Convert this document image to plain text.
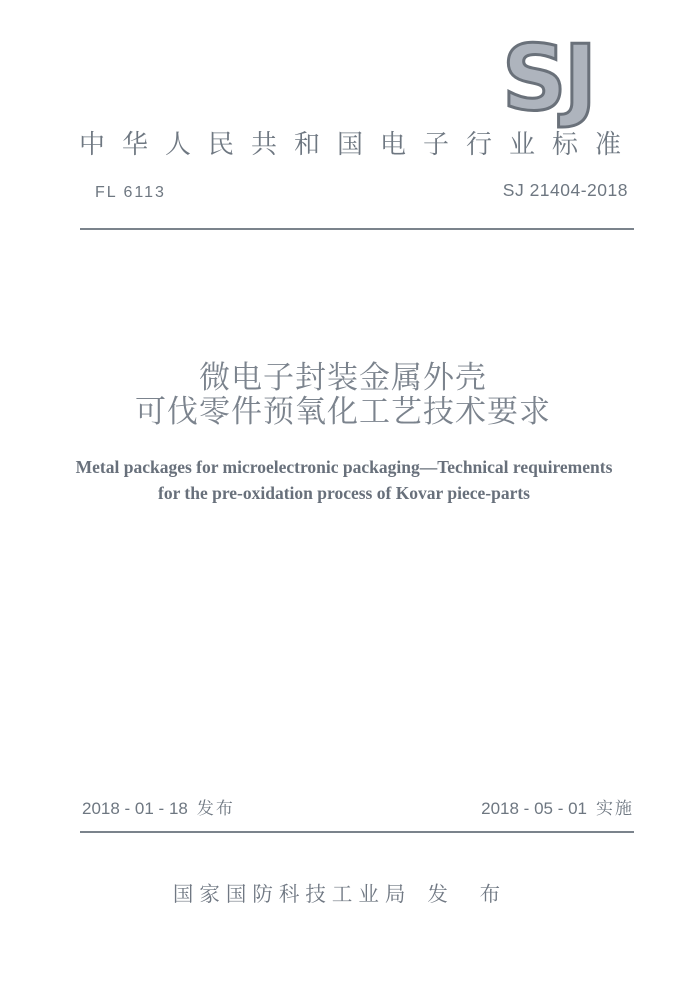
SJ
中华人民共和国电子行业标准
FL 6113	SJ 21404-2018
微电子封装金属外壳
可伐零件预氧化工艺技术要求
Metal packages for microelectronic packaging—Technical requirements
for the pre-oxidation process of Kovar piece-parts
2018 - 01 - 18 发布	2018 - 05 - 01 实施
国家国防科技工业局 发 布
